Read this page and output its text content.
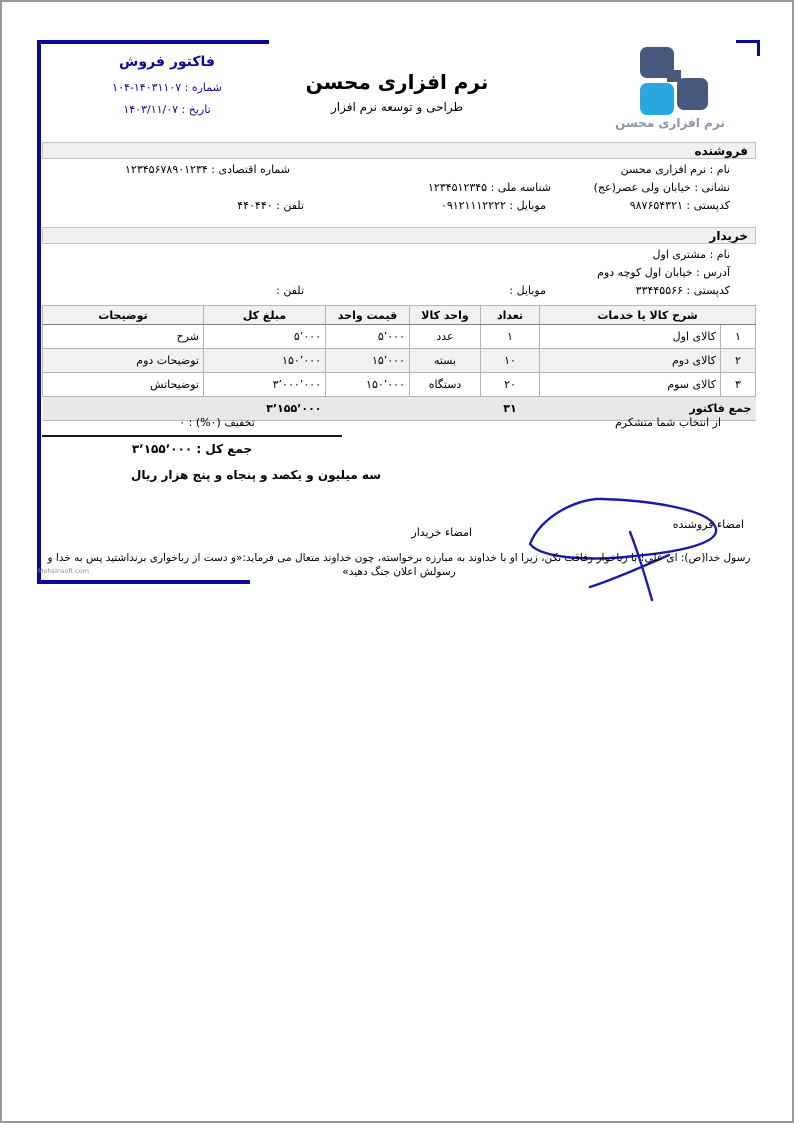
فاکتور فروش
شماره : ۱۴۰۳۱۱۰۷-۱۰۴
تاریخ : ۱۴۰۳/۱۱/۰۷
نرم افزاری محسن
طراحی و توسعه نرم افزار
نرم افزاری محسن
فروشنده
نام : نرم افزاری محسن
شماره اقتصادی : ۱۲۳۴۵۶۷۸۹۰۱۲۳۴
نشانی : خیابان ولی عصر(عج)
شناسه ملی : ۱۲۳۴۵۱۲۳۴۵
کدپستی : ۹۸۷۶۵۴۳۲۱
موبایل : ۰۹۱۲۱۱۱۲۲۲۲
تلفن : ۴۴۰۴۴۰
خریدار
نام : مشتری اول
آدرس : خیابان اول کوچه دوم
کدپستی : ۳۳۴۴۵۵۶۶
موبایل :
تلفن :
شرح کالا یا خدمات		تعداد	واحد کالا	قیمت واحد	مبلغ کل	توضیحات
۱	کالای اول	۱	عدد	۵٬۰۰۰	۵٬۰۰۰	شرح
۲	کالای دوم	۱۰	بسته	۱۵٬۰۰۰	۱۵۰٬۰۰۰	توضیحات دوم
۳	کالای سوم	۲۰	دستگاه	۱۵۰٬۰۰۰	۳٬۰۰۰٬۰۰۰	توضیحاتش
جمع فاکتور		۳۱			۳٬۱۵۵٬۰۰۰	
از انتخاب شما متشکرم
تخفیف (۰%) : ۰
جمع کل : ۳٬۱۵۵٬۰۰۰
سه میلیون و یکصد و پنجاه و پنج هزار ریال
امضاء فروشنده
امضاء خریدار
رسول خدا(ص): ای علی! با رباخوار رفاقت نکن، زیرا او با خداوند به مبارزه برخواسته، چون خداوند متعال می فرماید:«و دست از رباخواری برنداشتید پس به خدا و رسولش اعلان جنگ دهید»
Mohsinsoft.com
